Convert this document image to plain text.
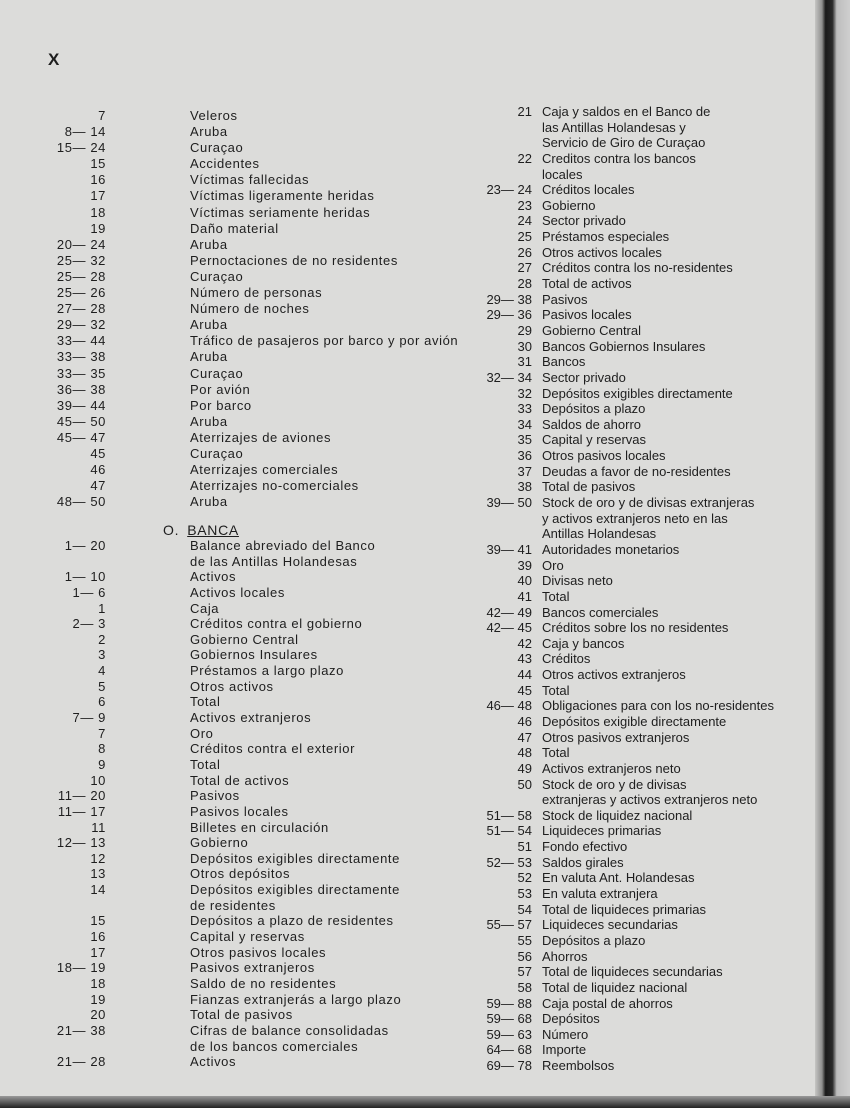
X
7	Veleros
8— 14	Aruba
15— 24	Curaçao
15	Accidentes
16	Víctimas fallecidas
17	Víctimas ligeramente heridas
18	Víctimas seriamente heridas
19	Daño material
20— 24	Aruba
25— 32	Pernoctaciones de no residentes
25— 28	Curaçao
25— 26	Número de personas
27— 28	Número de noches
29— 32	Aruba
33— 44	Tráfico de pasajeros por barco y por avión
33— 38	Aruba
33— 35	Curaçao
36— 38	Por avión
39— 44	Por barco
45— 50	Aruba
45— 47	Aterrizajes de aviones
45	Curaçao
46	Aterrizajes comerciales
47	Aterrizajes no-comerciales
48— 50	Aruba
O. BANCA
1— 20	Balance abreviado del Banco
de las Antillas Holandesas
1— 10	Activos
1— 6	Activos locales
1	Caja
2— 3	Créditos contra el gobierno
2	Gobierno Central
3	Gobiernos Insulares
4	Préstamos a largo plazo
5	Otros activos
6	Total
7— 9	Activos extranjeros
7	Oro
8	Créditos contra el exterior
9	Total
10	Total de activos
11— 20	Pasivos
11— 17	Pasivos locales
11	Billetes en circulación
12— 13	Gobierno
12	Depósitos exigibles directamente
13	Otros depósitos
14	Depósitos exigibles directamente
de residentes
15	Depósitos a plazo de residentes
16	Capital y reservas
17	Otros pasivos locales
18— 19	Pasivos extranjeros
18	Saldo de no residentes
19	Fianzas extranjerás a largo plazo
20	Total de pasivos
21— 38	Cifras de balance consolidadas
de los bancos comerciales
21— 28	Activos
21 Caja y saldos en el Banco de
las Antillas Holandesas y
Servicio de Giro de Curaçao
22 Creditos contra los bancos
locales
23— 24 Créditos locales
23 Gobierno
24 Sector privado
25 Préstamos especiales
26 Otros activos locales
27 Créditos contra los no-residentes
28 Total de activos
29— 38 Pasivos
29— 36 Pasivos locales
29 Gobierno Central
30 Bancos Gobiernos Insulares
31 Bancos
32— 34 Sector privado
32 Depósitos exigibles directamente
33 Depósitos a plazo
34 Saldos de ahorro
35 Capital y reservas
36 Otros pasivos locales
37 Deudas a favor de no-residentes
38 Total de pasivos
39— 50 Stock de oro y de divisas extranjeras
y activos extranjeros neto en las
Antillas Holandesas
39— 41 Autoridades monetarios
39 Oro
40 Divisas neto
41 Total
42— 49 Bancos comerciales
42— 45 Créditos sobre los no residentes
42 Caja y bancos
43 Créditos
44 Otros activos extranjeros
45 Total
46— 48 Obligaciones para con los no-residentes
46 Depósitos exigible directamente
47 Otros pasivos extranjeros
48 Total
49 Activos extranjeros neto
50 Stock de oro y de divisas
extranjeras y activos extranjeros neto
51— 58 Stock de liquidez nacional
51— 54 Liquideces primarias
51 Fondo efectivo
52— 53 Saldos girales
52 En valuta Ant. Holandesas
53 En valuta extranjera
54 Total de liquideces primarias
55— 57 Liquideces secundarias
55 Depósitos a plazo
56 Ahorros
57 Total de liquideces secundarias
58 Total de liquidez nacional
59— 88 Caja postal de ahorros
59— 68 Depósitos
59— 63 Número
64— 68 Importe
69— 78 Reembolsos
